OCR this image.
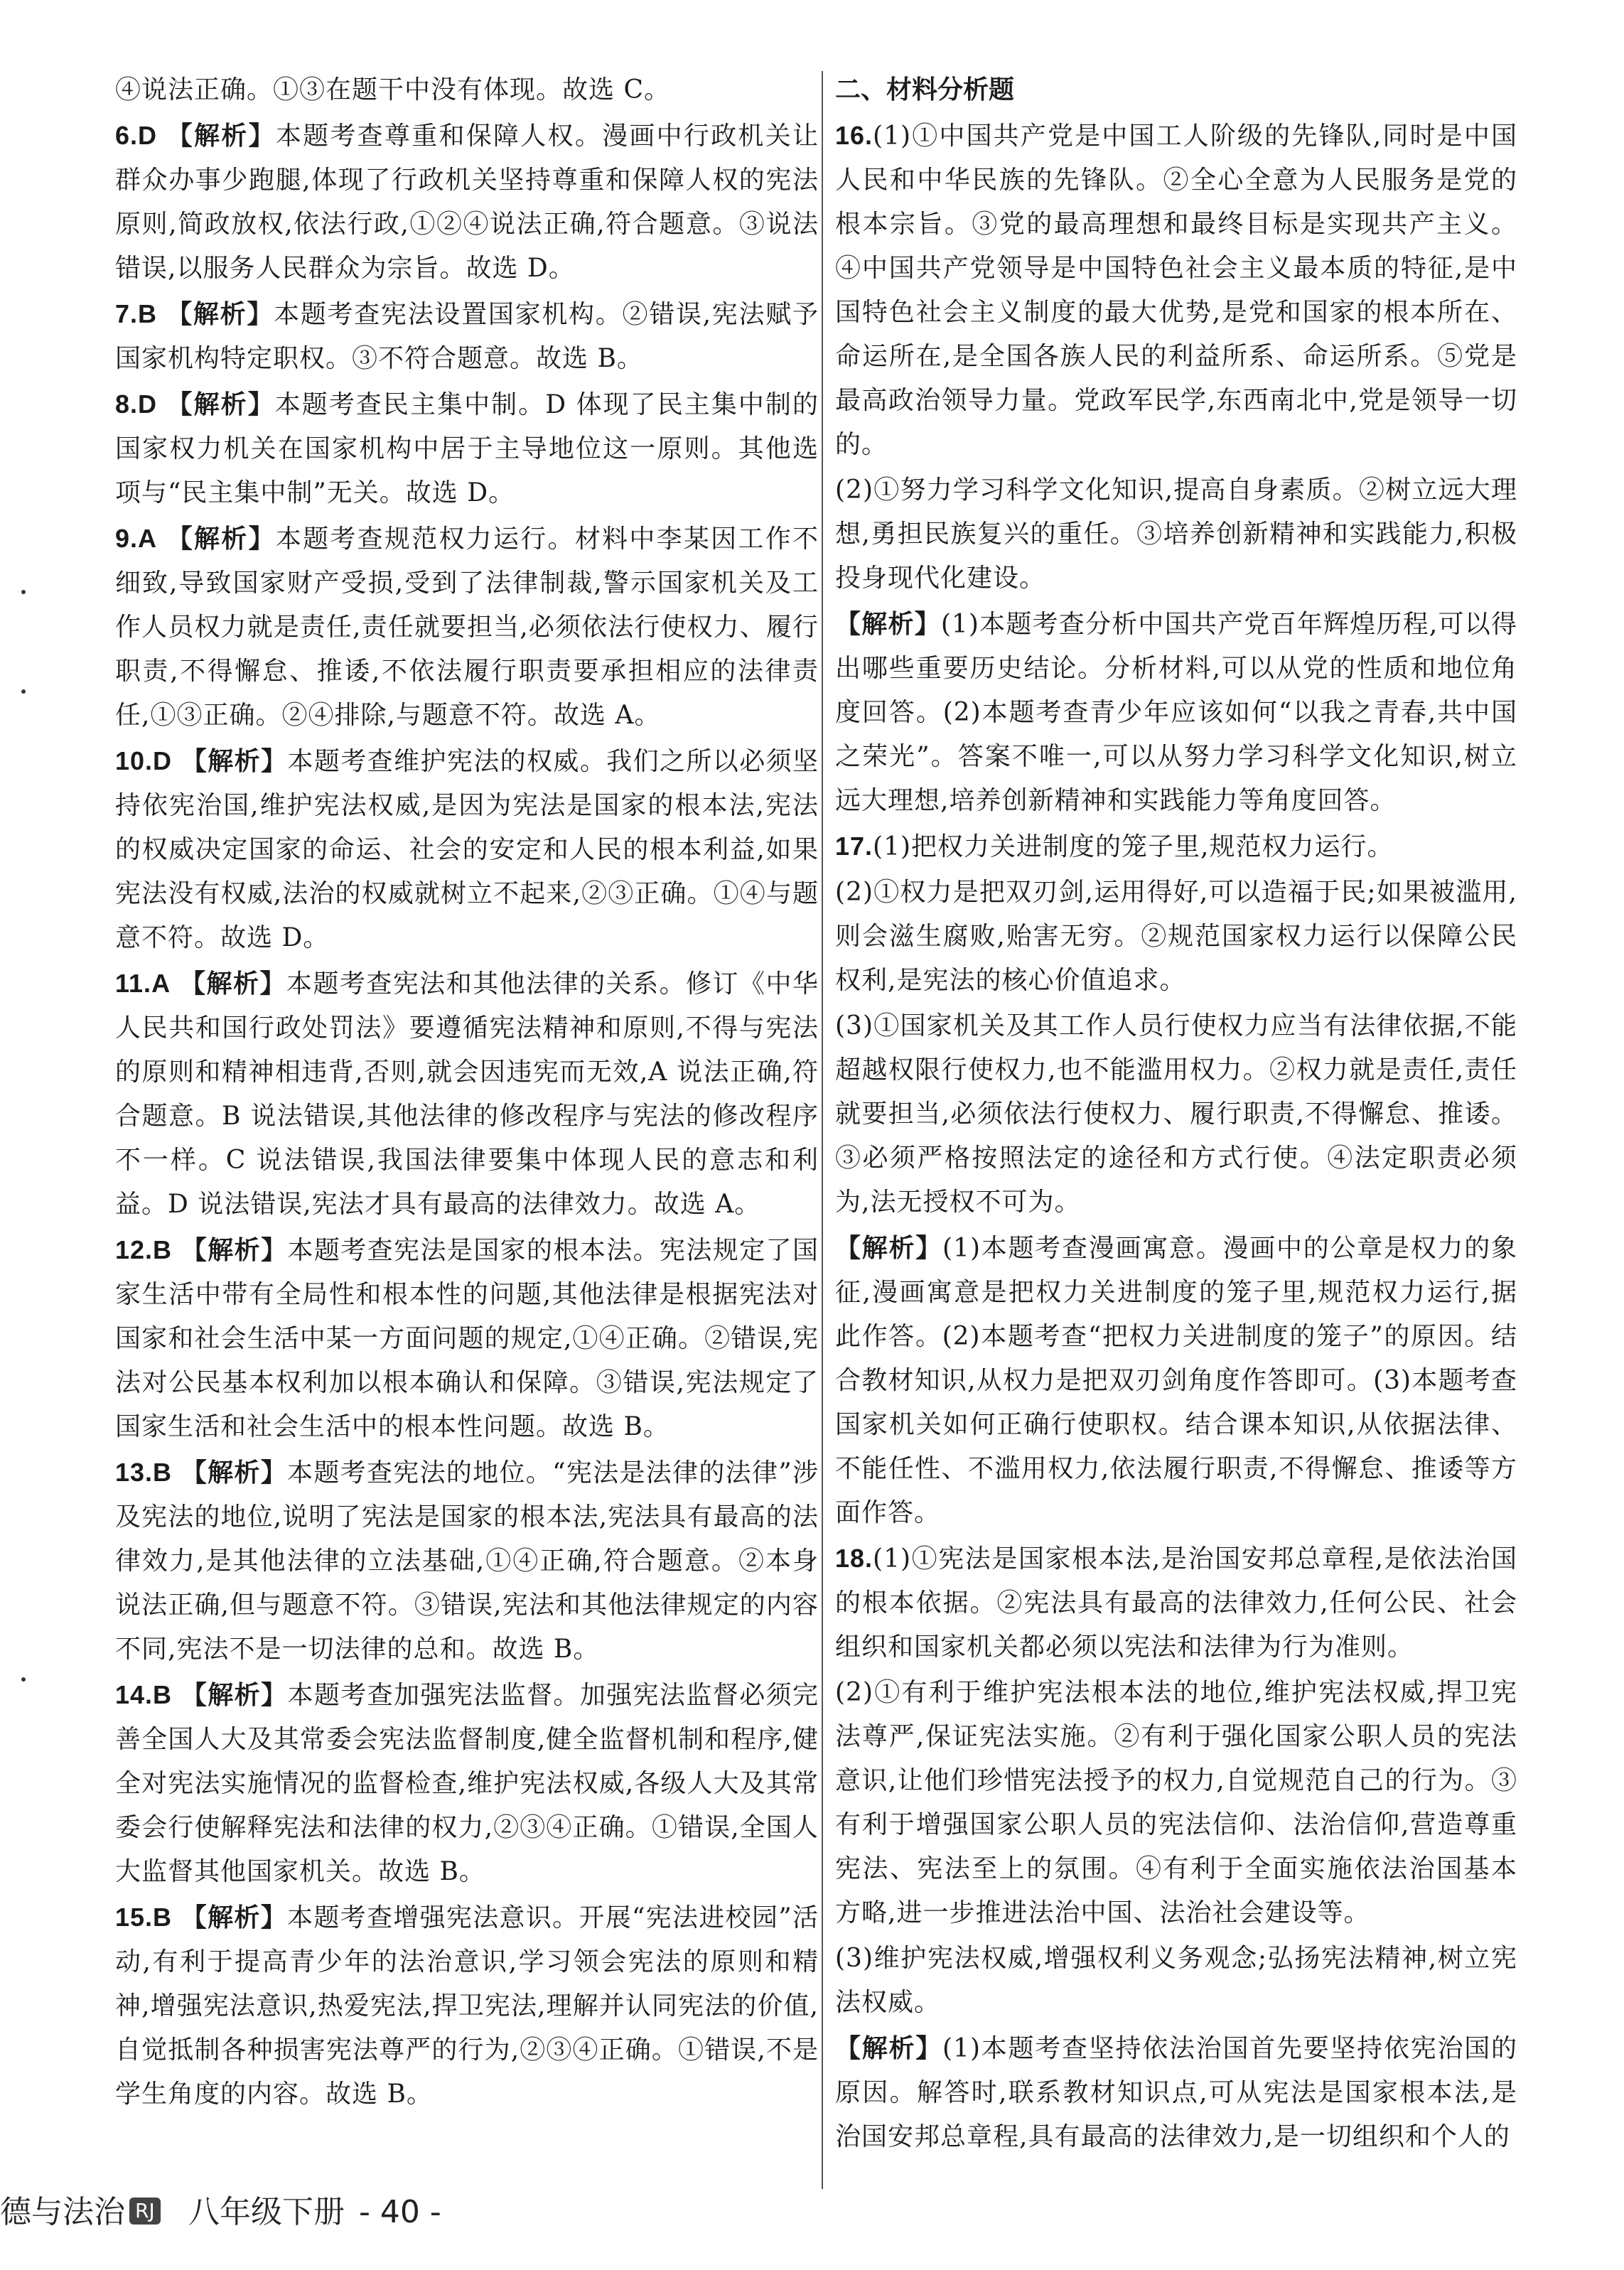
④说法正确。①③在题干中没有体现。故选 C。

6.D 【解析】本题考查尊重和保障人权。漫画中行政机关让群众办事少跑腿,体现了行政机关坚持尊重和保障人权的宪法原则,简政放权,依法行政,①②④说法正确,符合题意。③说法错误,以服务人民群众为宗旨。故选 D。

7.B 【解析】本题考查宪法设置国家机构。②错误,宪法赋予国家机构特定职权。③不符合题意。故选 B。

8.D 【解析】本题考查民主集中制。D 体现了民主集中制的国家权力机关在国家机构中居于主导地位这一原则。其他选项与“民主集中制”无关。故选 D。

9.A 【解析】本题考查规范权力运行。材料中李某因工作不细致,导致国家财产受损,受到了法律制裁,警示国家机关及工作人员权力就是责任,责任就要担当,必须依法行使权力、履行职责,不得懈怠、推诿,不依法履行职责要承担相应的法律责任,①③正确。②④排除,与题意不符。故选 A。

10.D 【解析】本题考查维护宪法的权威。我们之所以必须坚持依宪治国,维护宪法权威,是因为宪法是国家的根本法,宪法的权威决定国家的命运、社会的安定和人民的根本利益,如果宪法没有权威,法治的权威就树立不起来,②③正确。①④与题意不符。故选 D。

11.A 【解析】本题考查宪法和其他法律的关系。修订《中华人民共和国行政处罚法》要遵循宪法精神和原则,不得与宪法的原则和精神相违背,否则,就会因违宪而无效,A 说法正确,符合题意。B 说法错误,其他法律的修改程序与宪法的修改程序不一样。C 说法错误,我国法律要集中体现人民的意志和利益。D 说法错误,宪法才具有最高的法律效力。故选 A。

12.B 【解析】本题考查宪法是国家的根本法。宪法规定了国家生活中带有全局性和根本性的问题,其他法律是根据宪法对国家和社会生活中某一方面问题的规定,①④正确。②错误,宪法对公民基本权利加以根本确认和保障。③错误,宪法规定了国家生活和社会生活中的根本性问题。故选 B。

13.B 【解析】本题考查宪法的地位。“宪法是法律的法律”涉及宪法的地位,说明了宪法是国家的根本法,宪法具有最高的法律效力,是其他法律的立法基础,①④正确,符合题意。②本身说法正确,但与题意不符。③错误,宪法和其他法律规定的内容不同,宪法不是一切法律的总和。故选 B。

14.B 【解析】本题考查加强宪法监督。加强宪法监督必须完善全国人大及其常委会宪法监督制度,健全监督机制和程序,健全对宪法实施情况的监督检查,维护宪法权威,各级人大及其常委会行使解释宪法和法律的权力,②③④正确。①错误,全国人大监督其他国家机关。故选 B。

15.B 【解析】本题考查增强宪法意识。开展“宪法进校园”活动,有利于提高青少年的法治意识,学习领会宪法的原则和精神,增强宪法意识,热爱宪法,捍卫宪法,理解并认同宪法的价值,自觉抵制各种损害宪法尊严的行为,②③④正确。①错误,不是学生角度的内容。故选 B。

二、材料分析题

16.(1)①中国共产党是中国工人阶级的先锋队,同时是中国人民和中华民族的先锋队。②全心全意为人民服务是党的根本宗旨。③党的最高理想和最终目标是实现共产主义。④中国共产党领导是中国特色社会主义最本质的特征,是中国特色社会主义制度的最大优势,是党和国家的根本所在、命运所在,是全国各族人民的利益所系、命运所系。⑤党是最高政治领导力量。党政军民学,东西南北中,党是领导一切的。

(2)①努力学习科学文化知识,提高自身素质。②树立远大理想,勇担民族复兴的重任。③培养创新精神和实践能力,积极投身现代化建设。

【解析】(1)本题考查分析中国共产党百年辉煌历程,可以得出哪些重要历史结论。分析材料,可以从党的性质和地位角度回答。(2)本题考查青少年应该如何“以我之青春,共中国之荣光”。答案不唯一,可以从努力学习科学文化知识,树立远大理想,培养创新精神和实践能力等角度回答。

17.(1)把权力关进制度的笼子里,规范权力运行。

(2)①权力是把双刃剑,运用得好,可以造福于民;如果被滥用,则会滋生腐败,贻害无穷。②规范国家权力运行以保障公民权利,是宪法的核心价值追求。

(3)①国家机关及其工作人员行使权力应当有法律依据,不能超越权限行使权力,也不能滥用权力。②权力就是责任,责任就要担当,必须依法行使权力、履行职责,不得懈怠、推诿。③必须严格按照法定的途径和方式行使。④法定职责必须为,法无授权不可为。

【解析】(1)本题考查漫画寓意。漫画中的公章是权力的象征,漫画寓意是把权力关进制度的笼子里,规范权力运行,据此作答。(2)本题考查“把权力关进制度的笼子”的原因。结合教材知识,从权力是把双刃剑角度作答即可。(3)本题考查国家机关如何正确行使职权。结合课本知识,从依据法律、不能任性、不滥用权力,依法履行职责,不得懈怠、推诿等方面作答。

18.(1)①宪法是国家根本法,是治国安邦总章程,是依法治国的根本依据。②宪法具有最高的法律效力,任何公民、社会组织和国家机关都必须以宪法和法律为行为准则。

(2)①有利于维护宪法根本法的地位,维护宪法权威,捍卫宪法尊严,保证宪法实施。②有利于强化国家公职人员的宪法意识,让他们珍惜宪法授予的权力,自觉规范自己的行为。③有利于增强国家公职人员的宪法信仰、法治信仰,营造尊重宪法、宪法至上的氛围。④有利于全面实施依法治国基本方略,进一步推进法治中国、法治社会建设等。

(3)维护宪法权威,增强权利义务观念;弘扬宪法精神,树立宪法权威。

【解析】(1)本题考查坚持依法治国首先要坚持依宪治国的原因。解答时,联系教材知识点,可从宪法是国家根本法,是治国安邦总章程,具有最高的法律效力,是一切组织和个人的

德与法治 RJ 八年级下册 - 40 -
